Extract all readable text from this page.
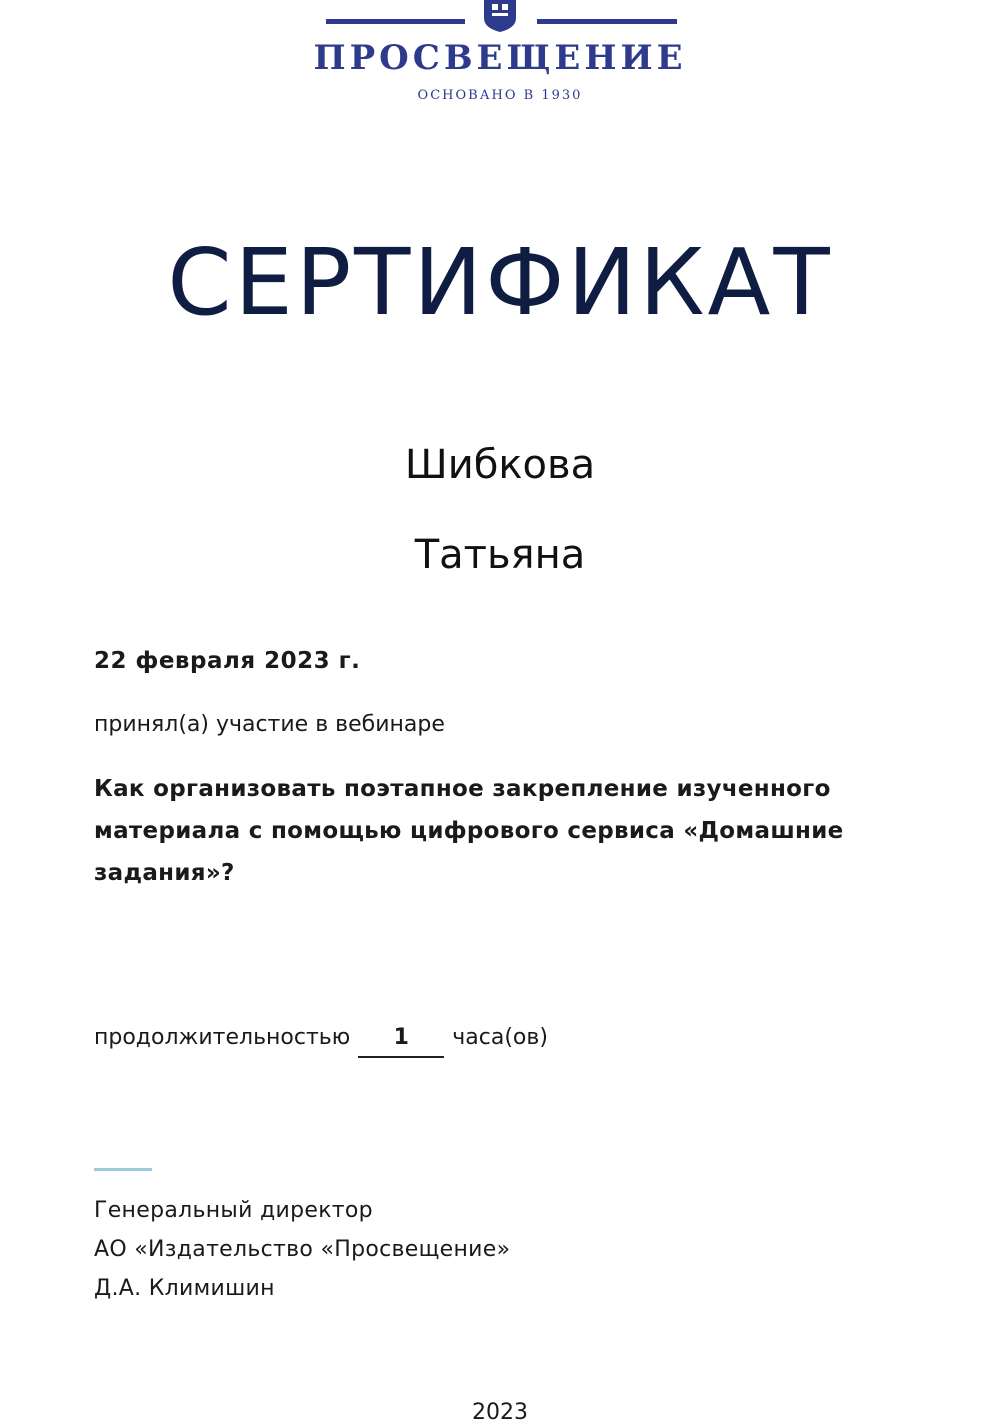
ПРОСВЕЩЕНИЕ
ОСНОВАНО В 1930
СЕРТИФИКАТ
Шибкова
Татьяна
22 февраля 2023 г.
принял(а) участие в вебинаре
Как организовать поэтапное закрепление изученного материала с помощью цифрового сервиса «Домашние задания»?
продолжительностью	1	часа(ов)
Генеральный директор
АО «Издательство «Просвещение»
Д.А. Климишин
2023
